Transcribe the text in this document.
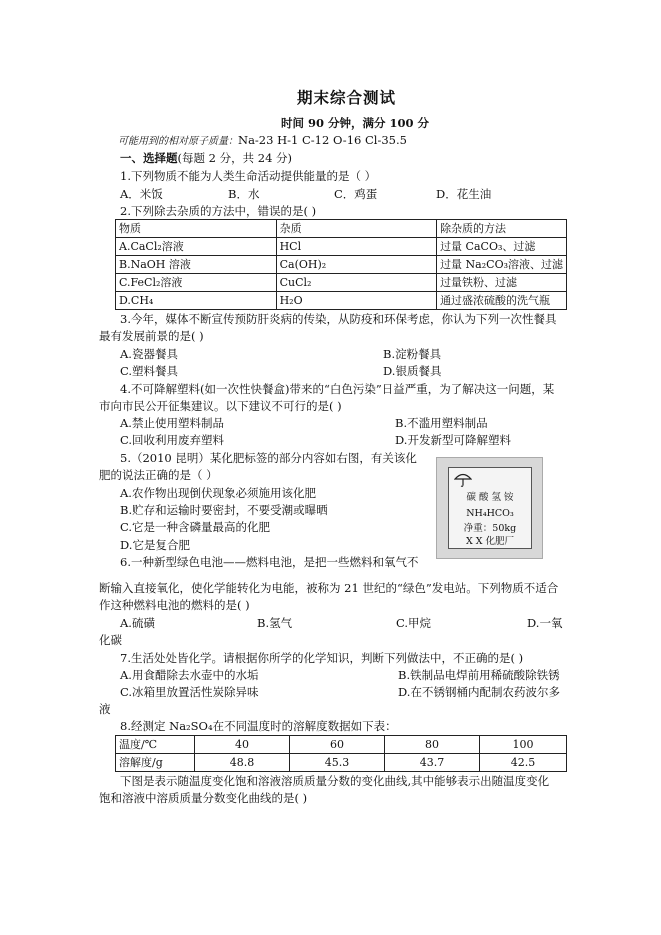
期末综合测试
时间 90 分钟，满分 100 分
可能用到的相对原子质量：Na-23 H-1 C-12 O-16 Cl-35.5
一、选择题(每题 2 分，共 24 分)
1.下列物质不能为人类生命活动提供能量的是（ ）
A．米饭	B．水	C．鸡蛋	D．花生油
2.下列除去杂质的方法中，错误的是( )
物质	杂质	除杂质的方法
A.CaCl₂溶液	HCl	过量 CaCO₃、过滤
B.NaOH 溶液	Ca(OH)₂	过量 Na₂CO₃溶液、过滤
C.FeCl₂溶液	CuCl₂	过量铁粉、过滤
D.CH₄	H₂O	通过盛浓硫酸的洗气瓶
3.今年，媒体不断宣传预防肝炎病的传染，从防疫和环保考虑，你认为下列一次性餐具
最有发展前景的是( )
A.瓷器餐具	B.淀粉餐具
C.塑料餐具	D.银质餐具
4.不可降解塑料(如一次性快餐盒)带来的“白色污染”日益严重，为了解决这一问题，某
市向市民公开征集建议。以下建议不可行的是( )
A.禁止使用塑料制品	B.不滥用塑料制品
C.回收利用废弃塑料	D.开发新型可降解塑料
5.（2010 昆明）某化肥标签的部分内容如右图，有关该化
肥的说法正确的是（ ）
A.农作物出现倒伏现象必须施用该化肥
B.贮存和运输时要密封，不要受潮或曝晒
C.它是一种含磷量最高的化肥
D.它是复合肥
碳 酸 氢 铵
NH₄HCO₃
净重：50kg
X X 化肥厂
6.一种新型绿色电池——燃料电池，是把一些燃料和氧气不
断输入直接氧化，使化学能转化为电能，被称为 21 世纪的“绿色”发电站。下列物质不适合
作这种燃料电池的燃料的是( )
A.硫磺	B.氢气	C.甲烷	D.一氧
化碳
7.生活处处皆化学。请根据你所学的化学知识，判断下列做法中，不正确的是( )
A.用食醋除去水壶中的水垢	B.铁制品电焊前用稀硫酸除铁锈
C.冰箱里放置活性炭除异味	D.在不锈钢桶内配制农药波尔多
液
8.经测定 Na₂SO₄在不同温度时的溶解度数据如下表：
温度/℃	40	60	80	100
溶解度/g	48.8	45.3	43.7	42.5
下图是表示随温度变化饱和溶液溶质质量分数的变化曲线,其中能够表示出随温度变化
饱和溶液中溶质质量分数变化曲线的是( )
